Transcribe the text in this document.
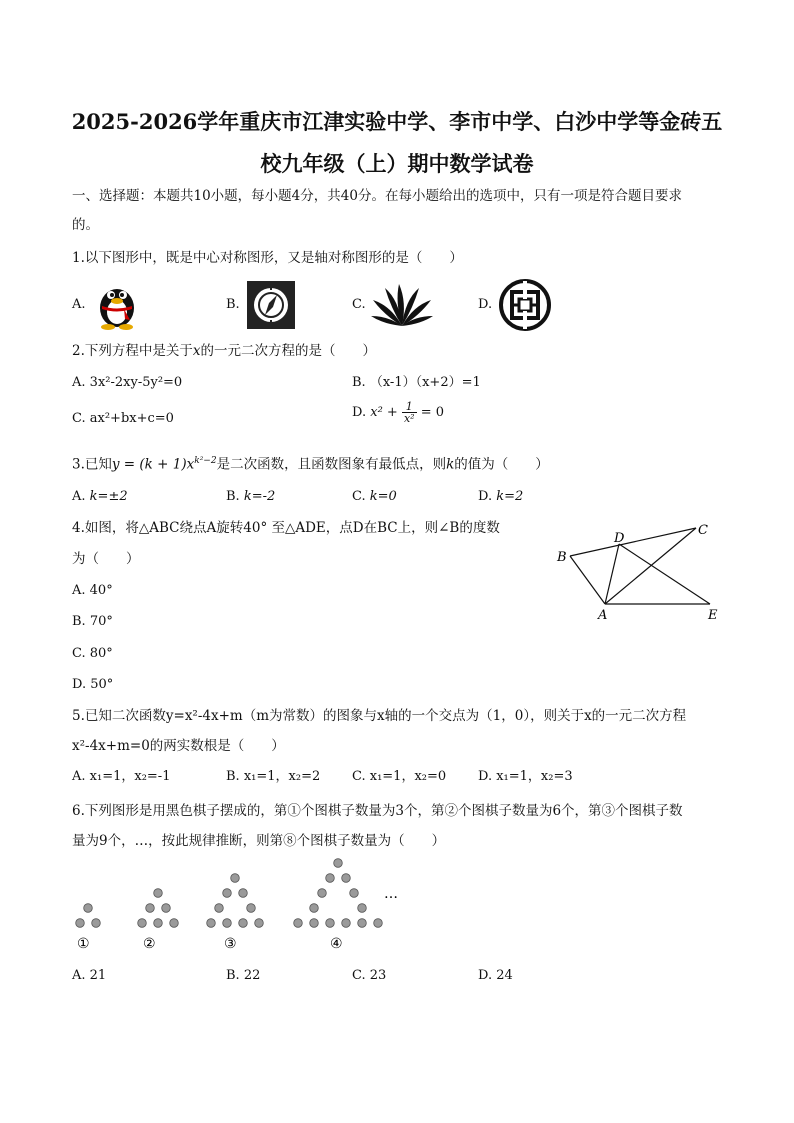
2025-2026学年重庆市江津实验中学、李市中学、白沙中学等金砖五
校九年级（上）期中数学试卷
一、选择题：本题共10小题，每小题4分，共40分。在每小题给出的选项中，只有一项是符合题目要求
的。
1.以下图形中，既是中心对称图形，又是轴对称图形的是（　　）
A.	B.	C.	D.
2.下列方程中是关于x的一元二次方程的是（　　）
A. 3x²-2xy-5y²=0	B. （x-1）（x+2）=1
C. ax²+bx+c=0	D. $x^2 + \frac{1}{\text{x²}} = 0$
3.已知$y = (k + 1)x^{k^2-2}$是二次函数，且函数图象有最低点，则k的值为（　　）
A. k=±2	B. k=-2	C. k=0	D. k=2
4.如图，将△ABC绕点A旋转40° 至△ADE，点D在BC上，则∠B的度数
为（　　）
A. 40°
B. 70°
C. 80°
D. 50°
B
D
C
A	E
5.已知二次函数y=x²-4x+m（m为常数）的图象与x轴的一个交点为（1，0），则关于x的一元二次方程
x²-4x+m=0的两实数根是（　　）
A. x₁=1，x₂=-1	B. x₁=1，x₂=2 C. x₁=1，x₂=0 D. x₁=1，x₂=3
6.下列图形是用黑色棋子摆成的，第①个图棋子数量为3个，第②个图棋子数量为6个，第③个图棋子数
量为9个，…，按此规律推断，则第⑧个图棋子数量为（　　）
①	②	③	④
…
A. 21	B. 22	C. 23	D. 24
